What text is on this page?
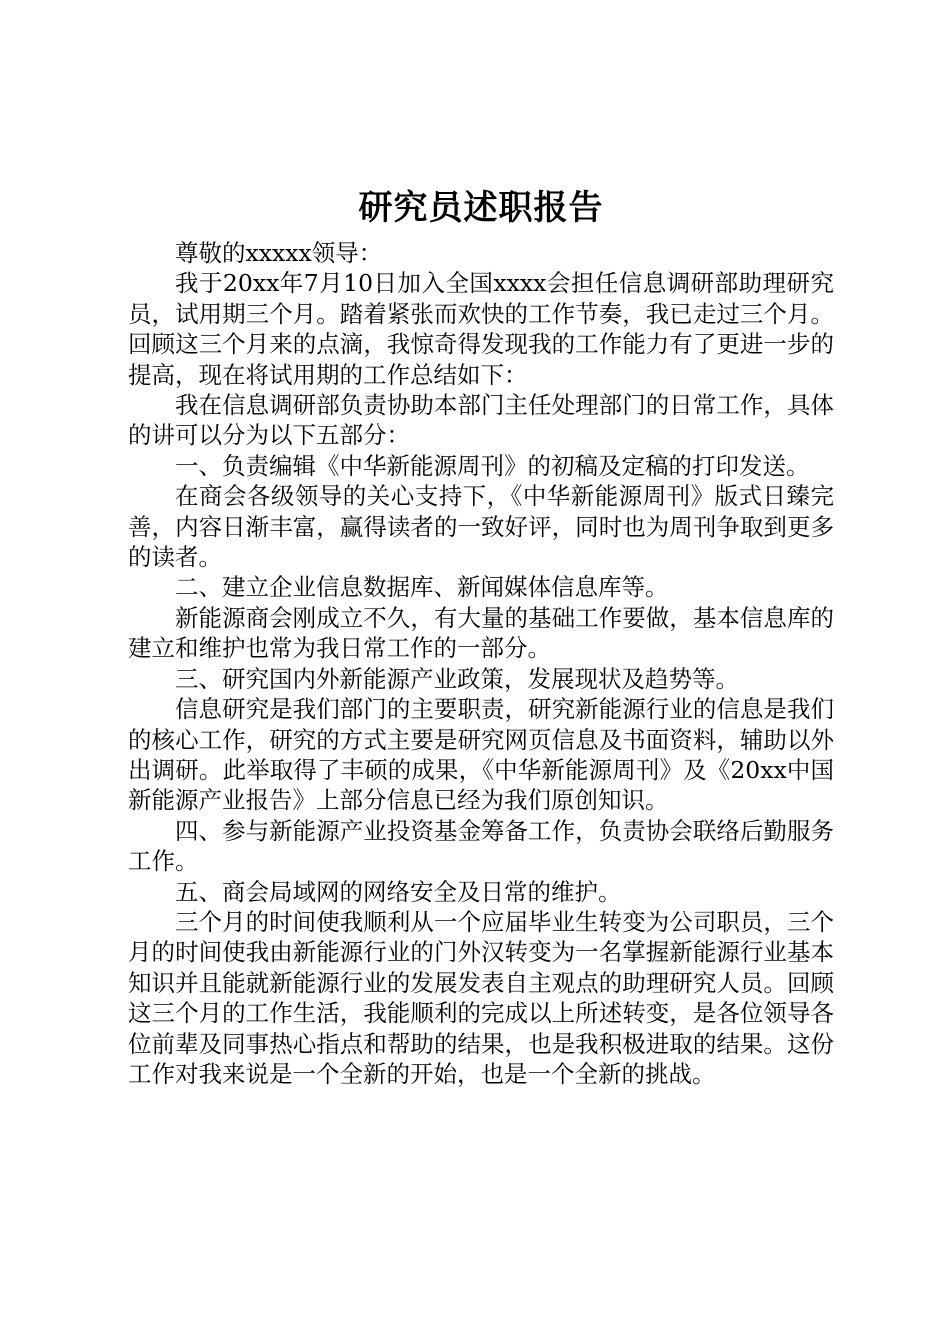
研究员述职报告

尊敬的xxxxx领导：

我于20xx年7月10日加入全国xxxx会担任信息调研部助理研究员，试用期三个月。踏着紧张而欢快的工作节奏，我已走过三个月。回顾这三个月来的点滴，我惊奇得发现我的工作能力有了更进一步的提高，现在将试用期的工作总结如下：

我在信息调研部负责协助本部门主任处理部门的日常工作，具体的讲可以分为以下五部分：

一、负责编辑《中华新能源周刊》的初稿及定稿的打印发送。

在商会各级领导的关心支持下，《中华新能源周刊》版式日臻完善，内容日渐丰富，赢得读者的一致好评，同时也为周刊争取到更多的读者。

二、建立企业信息数据库、新闻媒体信息库等。

新能源商会刚成立不久，有大量的基础工作要做，基本信息库的建立和维护也常为我日常工作的一部分。

三、研究国内外新能源产业政策，发展现状及趋势等。

信息研究是我们部门的主要职责，研究新能源行业的信息是我们的核心工作，研究的方式主要是研究网页信息及书面资料，辅助以外出调研。此举取得了丰硕的成果，《中华新能源周刊》及《20xx中国新能源产业报告》上部分信息已经为我们原创知识。

四、参与新能源产业投资基金筹备工作，负责协会联络后勤服务工作。

五、商会局域网的网络安全及日常的维护。

三个月的时间使我顺利从一个应届毕业生转变为公司职员，三个月的时间使我由新能源行业的门外汉转变为一名掌握新能源行业基本知识并且能就新能源行业的发展发表自主观点的助理研究人员。回顾这三个月的工作生活，我能顺利的完成以上所述转变，是各位领导各位前辈及同事热心指点和帮助的结果，也是我积极进取的结果。这份工作对我来说是一个全新的开始，也是一个全新的挑战。
